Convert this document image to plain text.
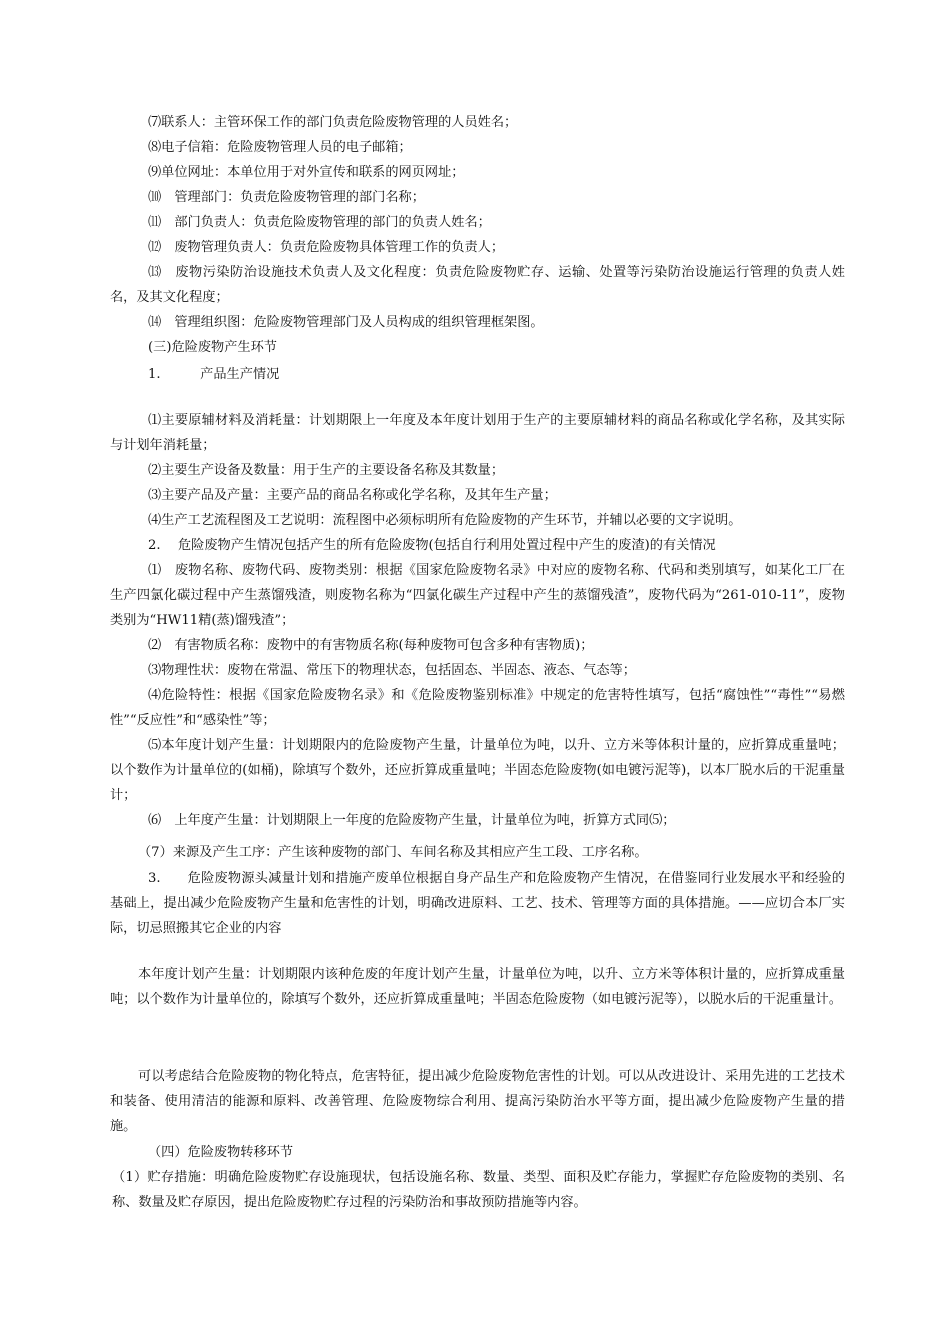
⑺联系人：主管环保工作的部门负责危险废物管理的人员姓名；
⑻电子信箱：危险废物管理人员的电子邮箱；
⑼单位网址：本单位用于对外宣传和联系的网页网址；
⑽　管理部门：负责危险废物管理的部门名称；
⑾　部门负责人：负责危险废物管理的部门的负责人姓名；
⑿　废物管理负责人：负责危险废物具体管理工作的负责人；
⒀　废物污染防治设施技术负责人及文化程度：负责危险废物贮存、运输、处置等污染防治设施运行管理的负责人姓名，及其文化程度；
⒁　管理组织图：危险废物管理部门及人员构成的组织管理框架图。
(三)危险废物产生环节
1.　　　产品生产情况
⑴主要原辅材料及消耗量：计划期限上一年度及本年度计划用于生产的主要原辅材料的商品名称或化学名称，及其实际与计划年消耗量；
⑵主要生产设备及数量：用于生产的主要设备名称及其数量；
⑶主要产品及产量：主要产品的商品名称或化学名称，及其年生产量；
⑷生产工艺流程图及工艺说明：流程图中必须标明所有危险废物的产生环节，并辅以必要的文字说明。
2.　 危险废物产生情况包括产生的所有危险废物(包括自行利用处置过程中产生的废渣)的有关情况
⑴　废物名称、废物代码、废物类别：根据《国家危险废物名录》中对应的废物名称、代码和类别填写，如某化工厂在生产四氯化碳过程中产生蒸馏残渣，则废物名称为“四氯化碳生产过程中产生的蒸馏残渣”，废物代码为“261-010-11”，废物类别为“HW11精(蒸)馏残渣”；
⑵　有害物质名称：废物中的有害物质名称(每种废物可包含多种有害物质)；
⑶物理性状：废物在常温、常压下的物理状态，包括固态、半固态、液态、气态等；
⑷危险特性：根据《国家危险废物名录》和《危险废物鉴别标准》中规定的危害特性填写，包括“腐蚀性”“毒性”“易燃性”“反应性”和“感染性”等；
⑸本年度计划产生量：计划期限内的危险废物产生量，计量单位为吨，以升、立方米等体积计量的，应折算成重量吨；以个数作为计量单位的(如桶)，除填写个数外，还应折算成重量吨；半固态危险废物(如电镀污泥等)，以本厂脱水后的干泥重量计；
⑹　上年度产生量：计划期限上一年度的危险废物产生量，计量单位为吨，折算方式同⑸；
（7）来源及产生工序：产生该种废物的部门、车间名称及其相应产生工段、工序名称。
3.　　危险废物源头减量计划和措施产废单位根据自身产品生产和危险废物产生情况，在借鉴同行业发展水平和经验的基础上，提出减少危险废物产生量和危害性的计划，明确改进原料、工艺、技术、管理等方面的具体措施。——应切合本厂实际，切忌照搬其它企业的内容
本年度计划产生量：计划期限内该种危废的年度计划产生量，计量单位为吨，以升、立方米等体积计量的，应折算成重量吨；以个数作为计量单位的，除填写个数外，还应折算成重量吨；半固态危险废物（如电镀污泥等），以脱水后的干泥重量计。
可以考虑结合危险废物的物化特点，危害特征，提出减少危险废物危害性的计划。可以从改进设计、采用先进的工艺技术和装备、使用清洁的能源和原料、改善管理、危险废物综合利用、提高污染防治水平等方面，提出减少危险废物产生量的措施。
（四）危险废物转移环节
（1）贮存措施：明确危险废物贮存设施现状，包括设施名称、数量、类型、面积及贮存能力，掌握贮存危险废物的类别、名称、数量及贮存原因，提出危险废物贮存过程的污染防治和事故预防措施等内容。
